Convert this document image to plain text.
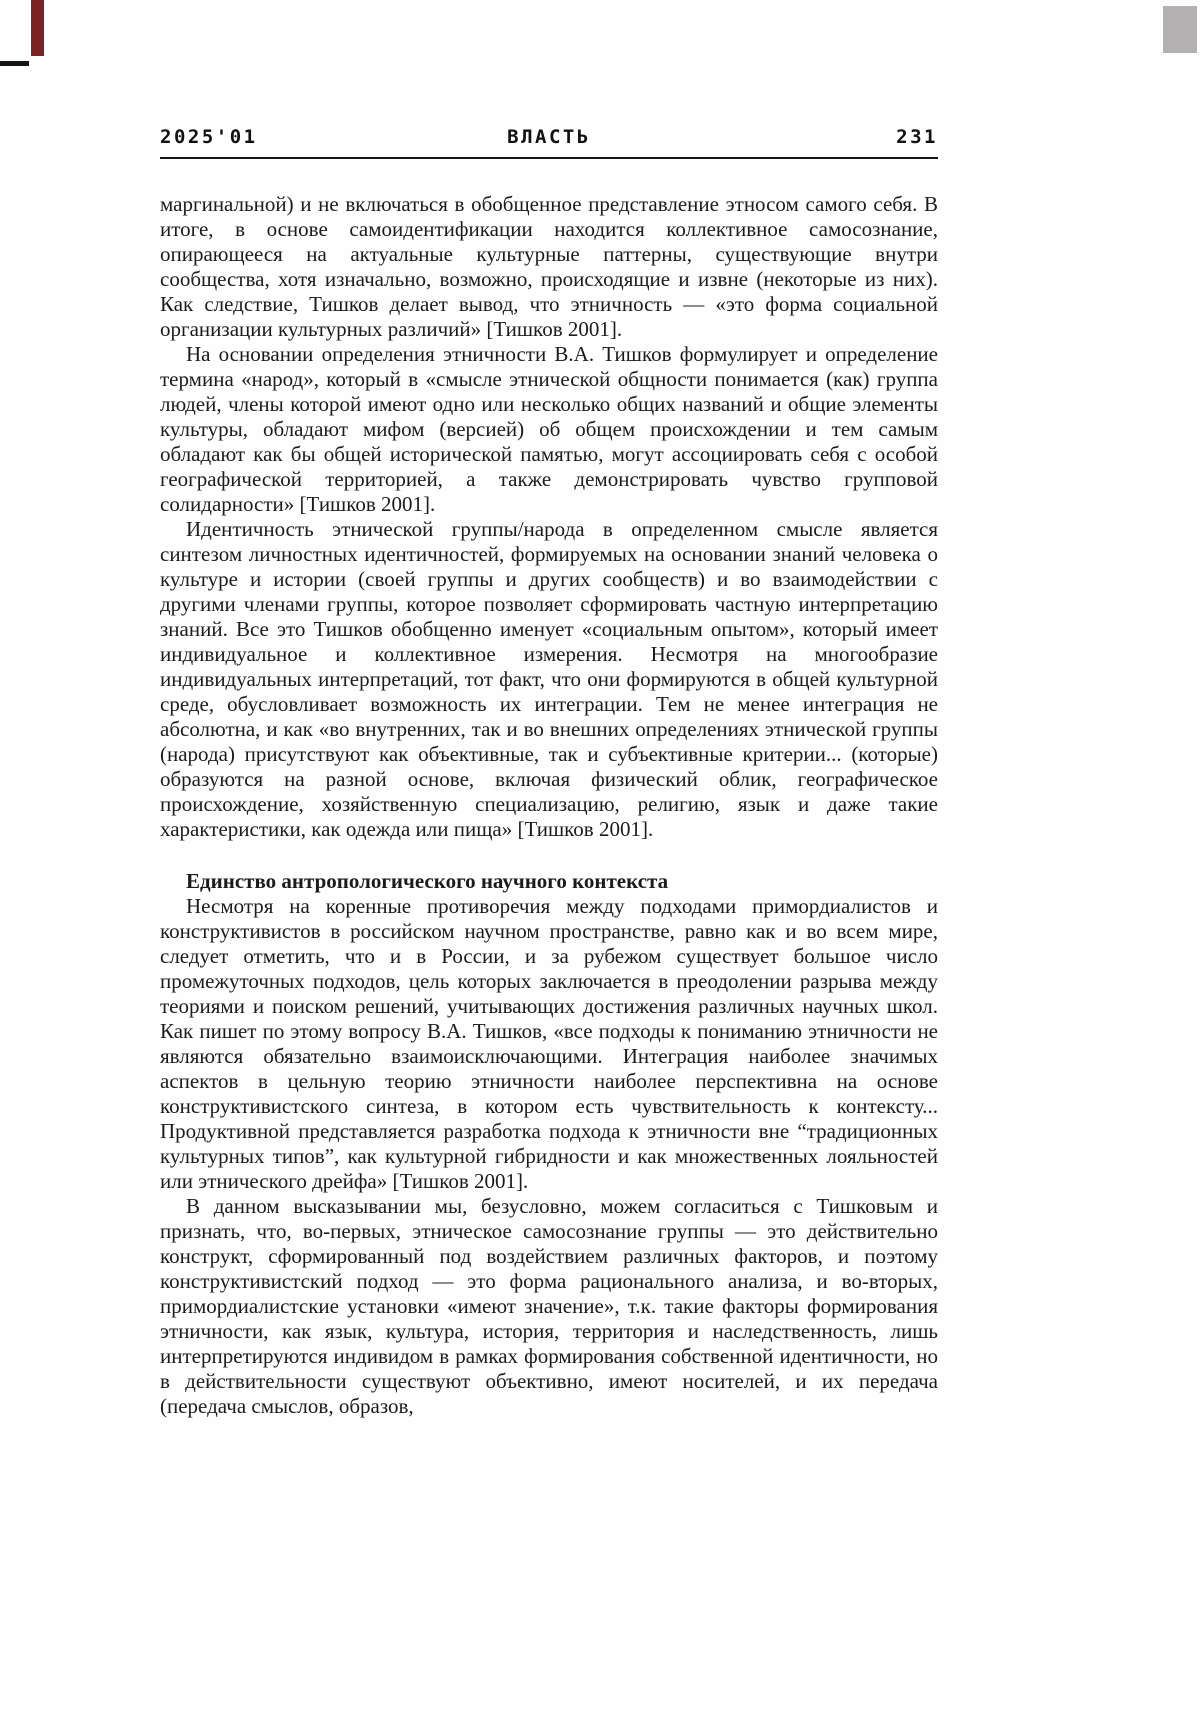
2025'01	ВЛАСТЬ	231

маргинальной) и не включаться в обобщенное представление этносом самого себя. В итоге, в основе самоидентификации находится коллективное самосознание, опирающееся на актуальные культурные паттерны, существующие внутри сообщества, хотя изначально, возможно, происходящие и извне (некоторые из них). Как следствие, Тишков делает вывод, что этничность — «это форма социальной организации культурных различий» [Тишков 2001].

На основании определения этничности В.А. Тишков формулирует и определение термина «народ», который в «смысле этнической общности понимается (как) группа людей, члены которой имеют одно или несколько общих названий и общие элементы культуры, обладают мифом (версией) об общем происхождении и тем самым обладают как бы общей исторической памятью, могут ассоциировать себя с особой географической территорией, а также демонстрировать чувство групповой солидарности» [Тишков 2001].

Идентичность этнической группы/народа в определенном смысле является синтезом личностных идентичностей, формируемых на основании знаний человека о культуре и истории (своей группы и других сообществ) и во взаимодействии с другими членами группы, которое позволяет сформировать частную интерпретацию знаний. Все это Тишков обобщенно именует «социальным опытом», который имеет индивидуальное и коллективное измерения. Несмотря на многообразие индивидуальных интерпретаций, тот факт, что они формируются в общей культурной среде, обусловливает возможность их интеграции. Тем не менее интеграция не абсолютна, и как «во внутренних, так и во внешних определениях этнической группы (народа) присутствуют как объективные, так и субъективные критерии... (которые) образуются на разной основе, включая физический облик, географическое происхождение, хозяйственную специализацию, религию, язык и даже такие характеристики, как одежда или пища» [Тишков 2001].

Единство антропологического научного контекста

Несмотря на коренные противоречия между подходами примордиалистов и конструктивистов в российском научном пространстве, равно как и во всем мире, следует отметить, что и в России, и за рубежом существует большое число промежуточных подходов, цель которых заключается в преодолении разрыва между теориями и поиском решений, учитывающих достижения различных научных школ. Как пишет по этому вопросу В.А. Тишков, «все подходы к пониманию этничности не являются обязательно взаимоисключающими. Интеграция наиболее значимых аспектов в цельную теорию этничности наиболее перспективна на основе конструктивистского синтеза, в котором есть чувствительность к контексту... Продуктивной представляется разработка подхода к этничности вне “традиционных культурных типов”, как культурной гибридности и как множественных лояльностей или этнического дрейфа» [Тишков 2001].

В данном высказывании мы, безусловно, можем согласиться с Тишковым и признать, что, во-первых, этническое самосознание группы — это действительно конструкт, сформированный под воздействием различных факторов, и поэтому конструктивистский подход — это форма рационального анализа, и во-вторых, примордиалистские установки «имеют значение», т.к. такие факторы формирования этничности, как язык, культура, история, территория и наследственность, лишь интерпретируются индивидом в рамках формирования собственной идентичности, но в действительности существуют объективно, имеют носителей, и их передача (передача смыслов, образов,
